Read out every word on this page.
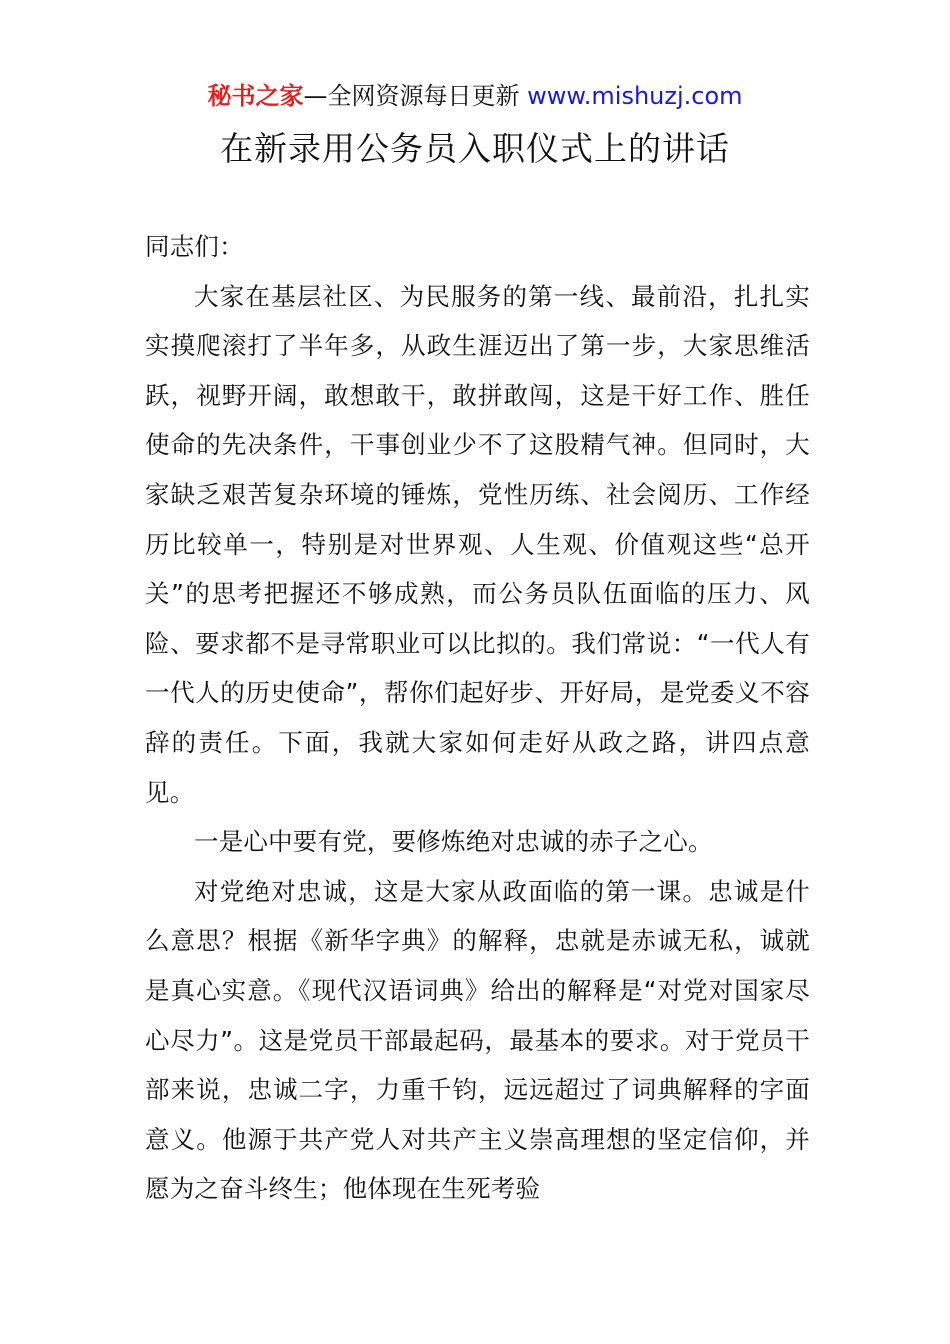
秘书之家—全网资源每日更新 www.mishuzj.com
在新录用公务员入职仪式上的讲话

同志们：

大家在基层社区、为民服务的第一线、最前沿，扎扎实实摸爬滚打了半年多，从政生涯迈出了第一步，大家思维活跃，视野开阔，敢想敢干，敢拼敢闯，这是干好工作、胜任使命的先决条件，干事创业少不了这股精气神。但同时，大家缺乏艰苦复杂环境的锤炼，党性历练、社会阅历、工作经历比较单一，特别是对世界观、人生观、价值观这些“总开关”的思考把握还不够成熟，而公务员队伍面临的压力、风险、要求都不是寻常职业可以比拟的。我们常说：“一代人有一代人的历史使命”，帮你们起好步、开好局，是党委义不容辞的责任。下面，我就大家如何走好从政之路，讲四点意见。

一是心中要有党，要修炼绝对忠诚的赤子之心。

对党绝对忠诚，这是大家从政面临的第一课。忠诚是什么意思？根据《新华字典》的解释，忠就是赤诚无私，诚就是真心实意。《现代汉语词典》给出的解释是“对党对国家尽心尽力”。这是党员干部最起码，最基本的要求。对于党员干部来说，忠诚二字，力重千钧，远远超过了词典解释的字面意义。他源于共产党人对共产主义崇高理想的坚定信仰，并愿为之奋斗终生；他体现在生死考验
